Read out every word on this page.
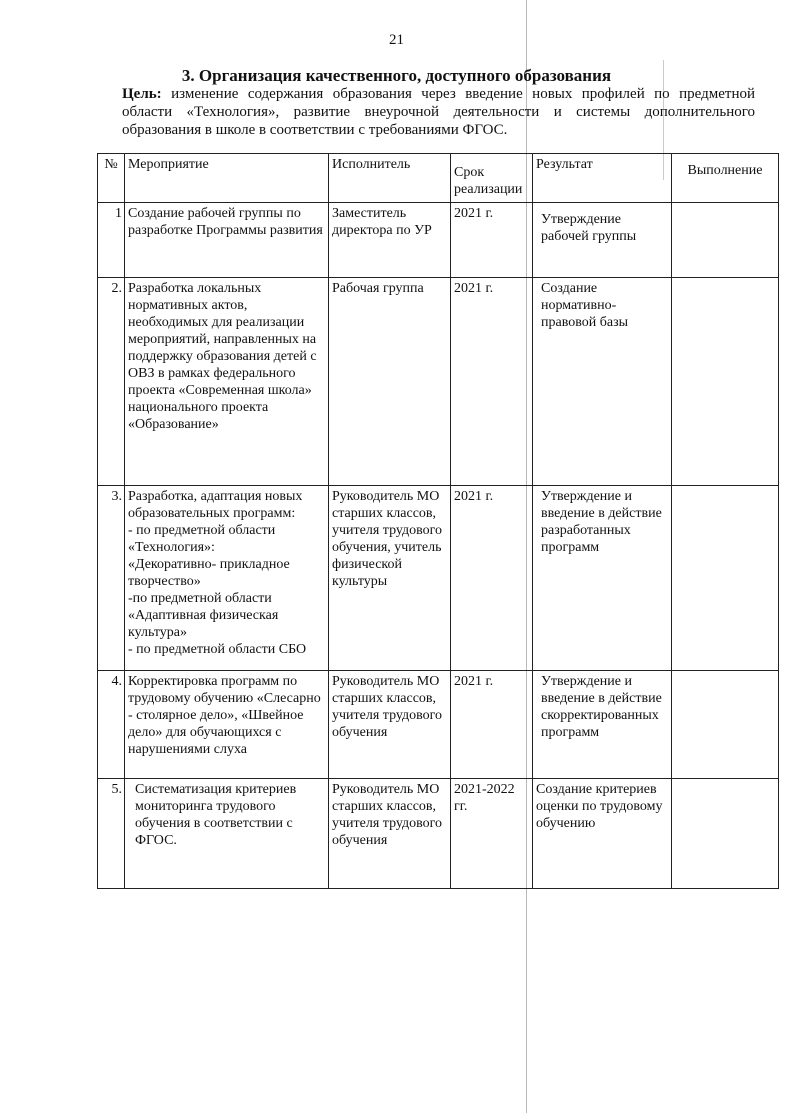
21
3. Организация качественного, доступного образования
Цель: изменение содержания образования через введение новых профилей по предметной области «Технология», развитие внеурочной деятельности и системы дополнительного образования в школе в соответствии с требованиями ФГОС.
№	Мероприятие	Исполнитель	Срок реализации	Результат	Выполнение
1	Создание рабочей группы по разработке Программы развития	Заместитель директора по УР	2021 г.	Утверждение рабочей группы	
2.	Разработка локальных нормативных актов, необходимых для реализации мероприятий, направленных на поддержку образования детей с ОВЗ в рамках федерального проекта «Современная школа» национального проекта «Образование»	Рабочая группа	2021 г.	Создание нормативно-правовой базы	
3.	Разработка, адаптация новых образовательных программ:
- по предметной области «Технология»:
«Декоративно- прикладное творчество»
-по предметной области «Адаптивная физическая культура»
- по предметной области СБО	Руководитель МО старших классов, учителя трудового обучения, учитель физической культуры	2021 г.	Утверждение и введение в действие разработанных программ	
4.	Корректировка программ по трудовому обучению «Слесарно - столярное дело», «Швейное дело» для обучающихся с нарушениями слуха	Руководитель МО старших классов, учителя трудового обучения	2021 г.	Утверждение и введение в действие скорректированных программ	
5.	Систематизация критериев мониторинга трудового обучения в соответствии с ФГОС.	Руководитель МО старших классов, учителя трудового обучения	2021-2022 гг.	Создание критериев оценки по трудовому обучению	
